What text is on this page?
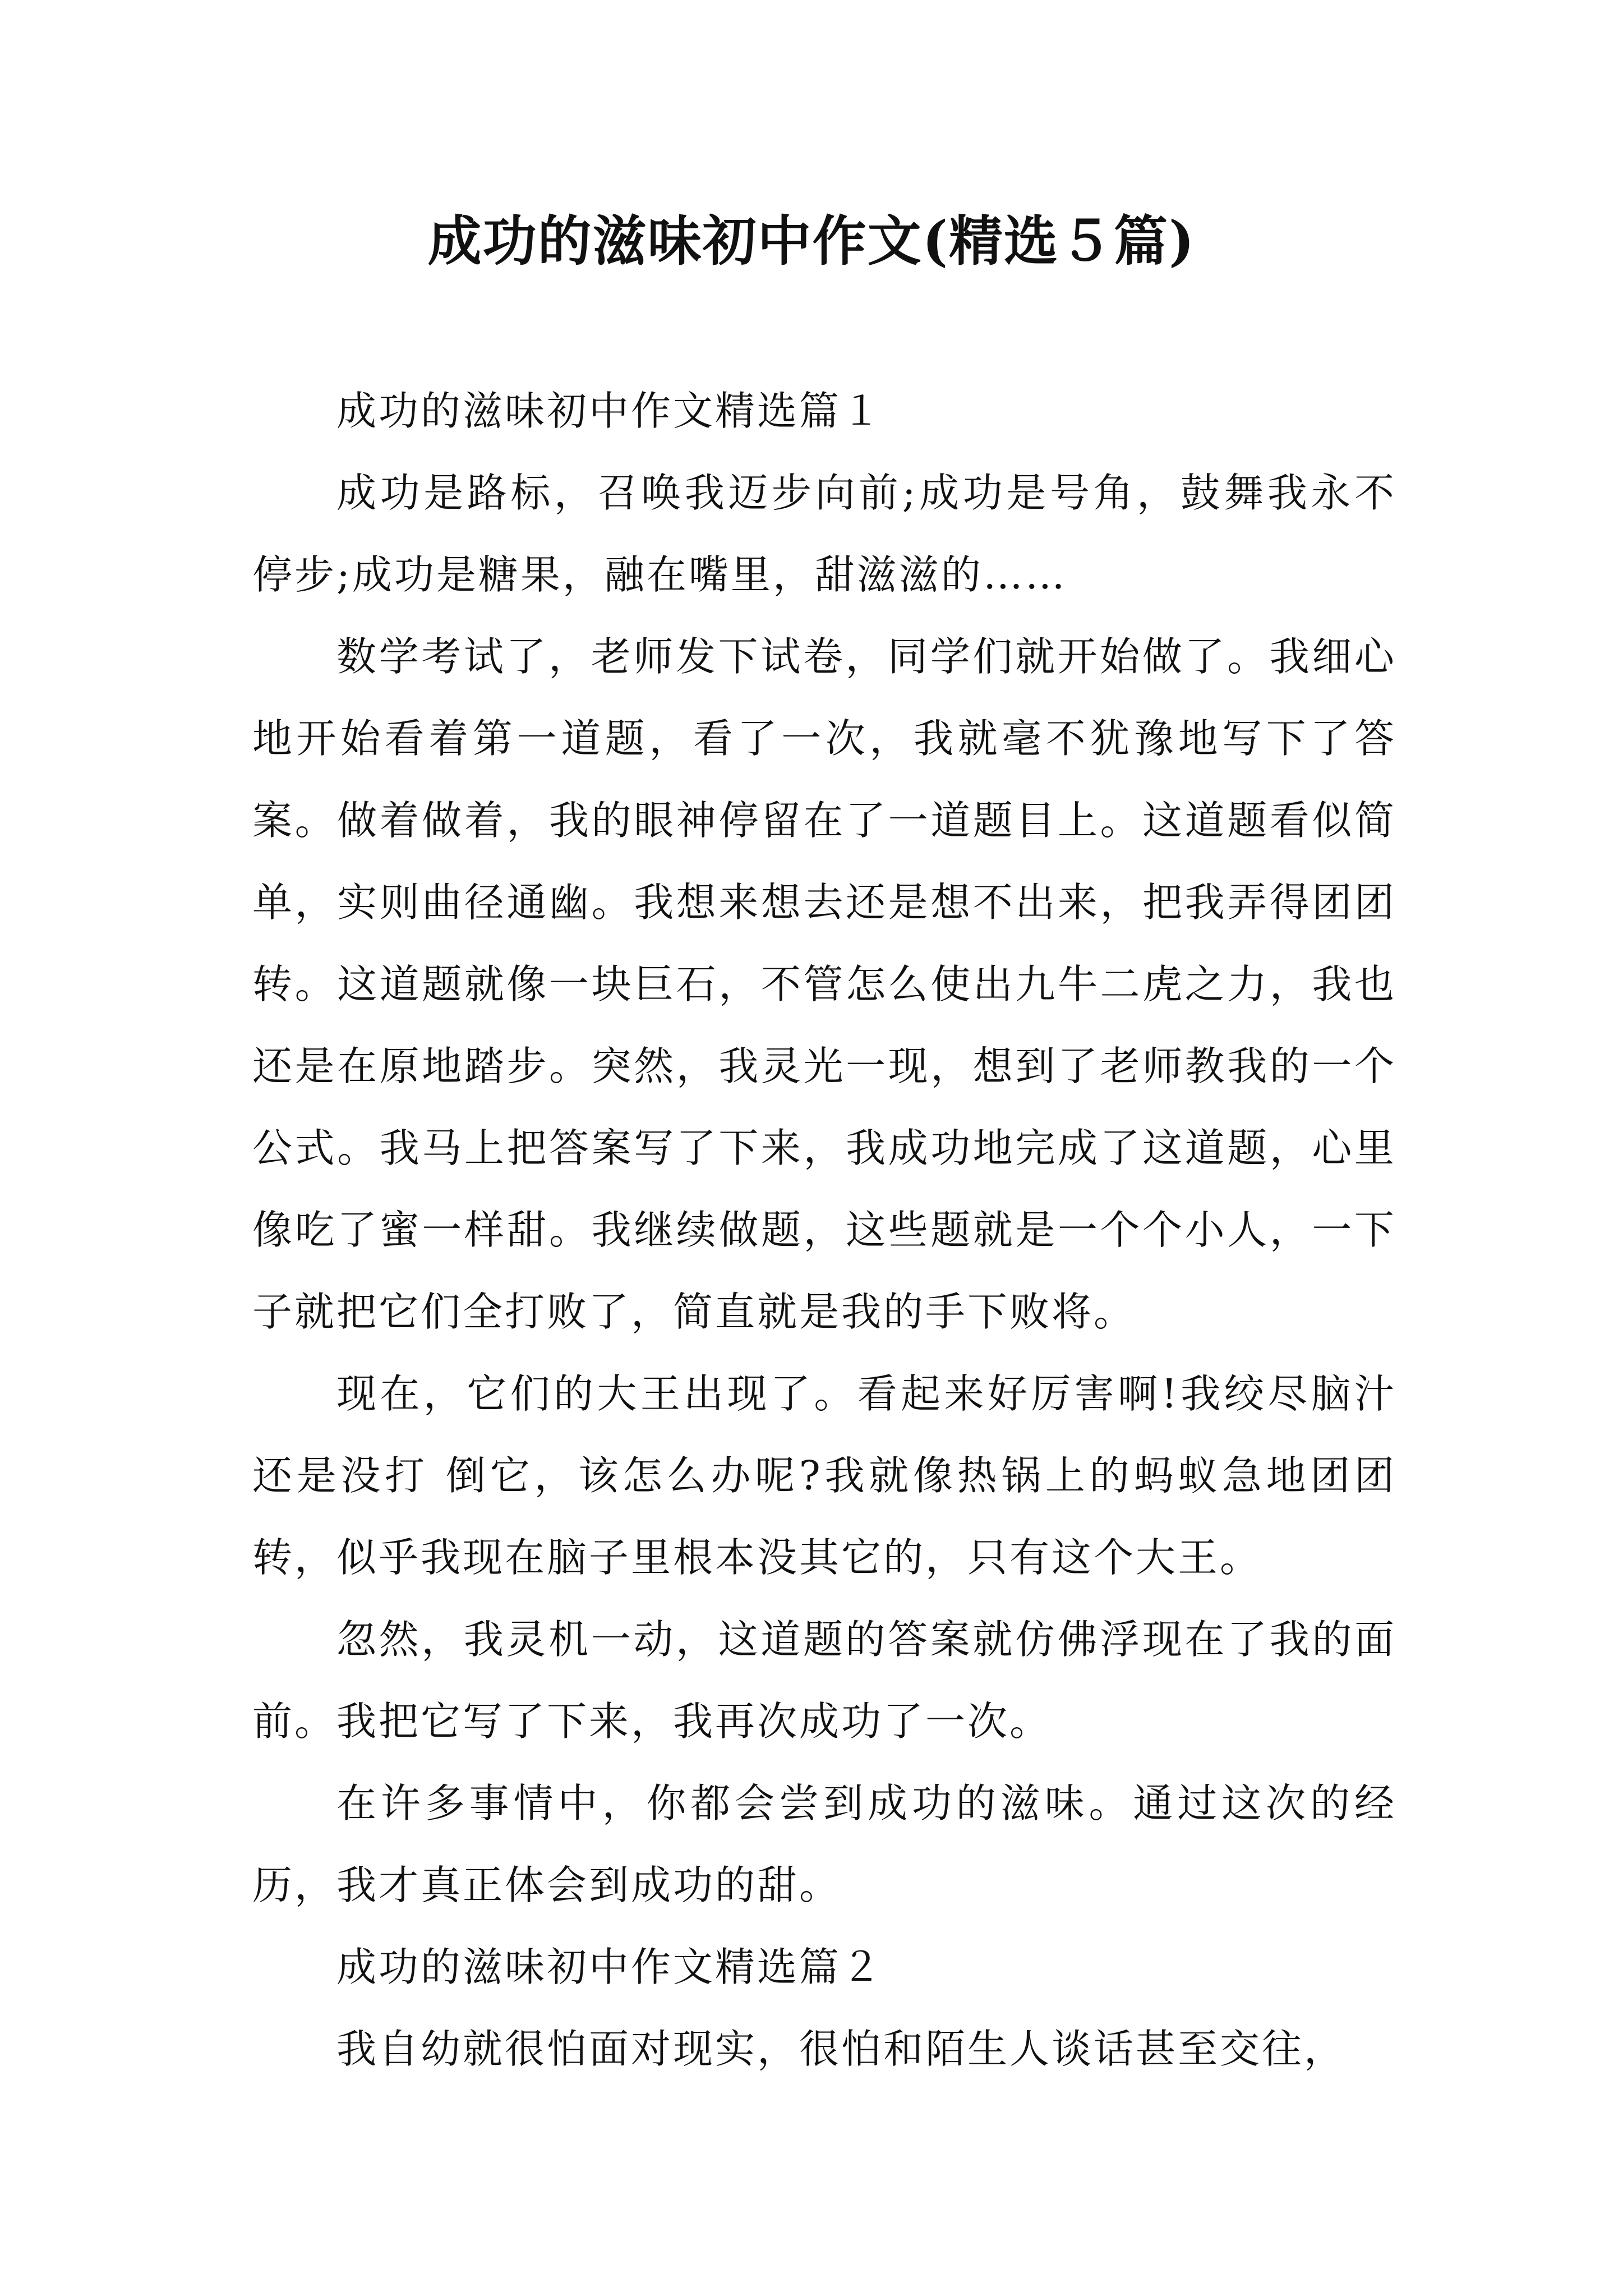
成功的滋味初中作文(精选５篇)

成功的滋味初中作文精选篇１

成功是路标，召唤我迈步向前;成功是号角，鼓舞我永不停步;成功是糖果，融在嘴里，甜滋滋的……

数学考试了，老师发下试卷，同学们就开始做了。我细心地开始看着第一道题，看了一次，我就毫不犹豫地写下了答案。做着做着，我的眼神停留在了一道题目上。这道题看似简单，实则曲径通幽。我想来想去还是想不出来，把我弄得团团转。这道题就像一块巨石，不管怎么使出九牛二虎之力，我也还是在原地踏步。突然，我灵光一现，想到了老师教我的一个公式。我马上把答案写了下来，我成功地完成了这道题，心里像吃了蜜一样甜。我继续做题，这些题就是一个个小人，一下子就把它们全打败了，简直就是我的手下败将。

现在，它们的大王出现了。看起来好厉害啊!我绞尽脑汁还是没打 倒它，该怎么办呢?我就像热锅上的蚂蚁急地团团转，似乎我现在脑子里根本没其它的，只有这个大王。

忽然，我灵机一动，这道题的答案就仿佛浮现在了我的面前。我把它写了下来，我再次成功了一次。

在许多事情中，你都会尝到成功的滋味。通过这次的经历，我才真正体会到成功的甜。

成功的滋味初中作文精选篇２

我自幼就很怕面对现实，很怕和陌生人谈话甚至交往，
